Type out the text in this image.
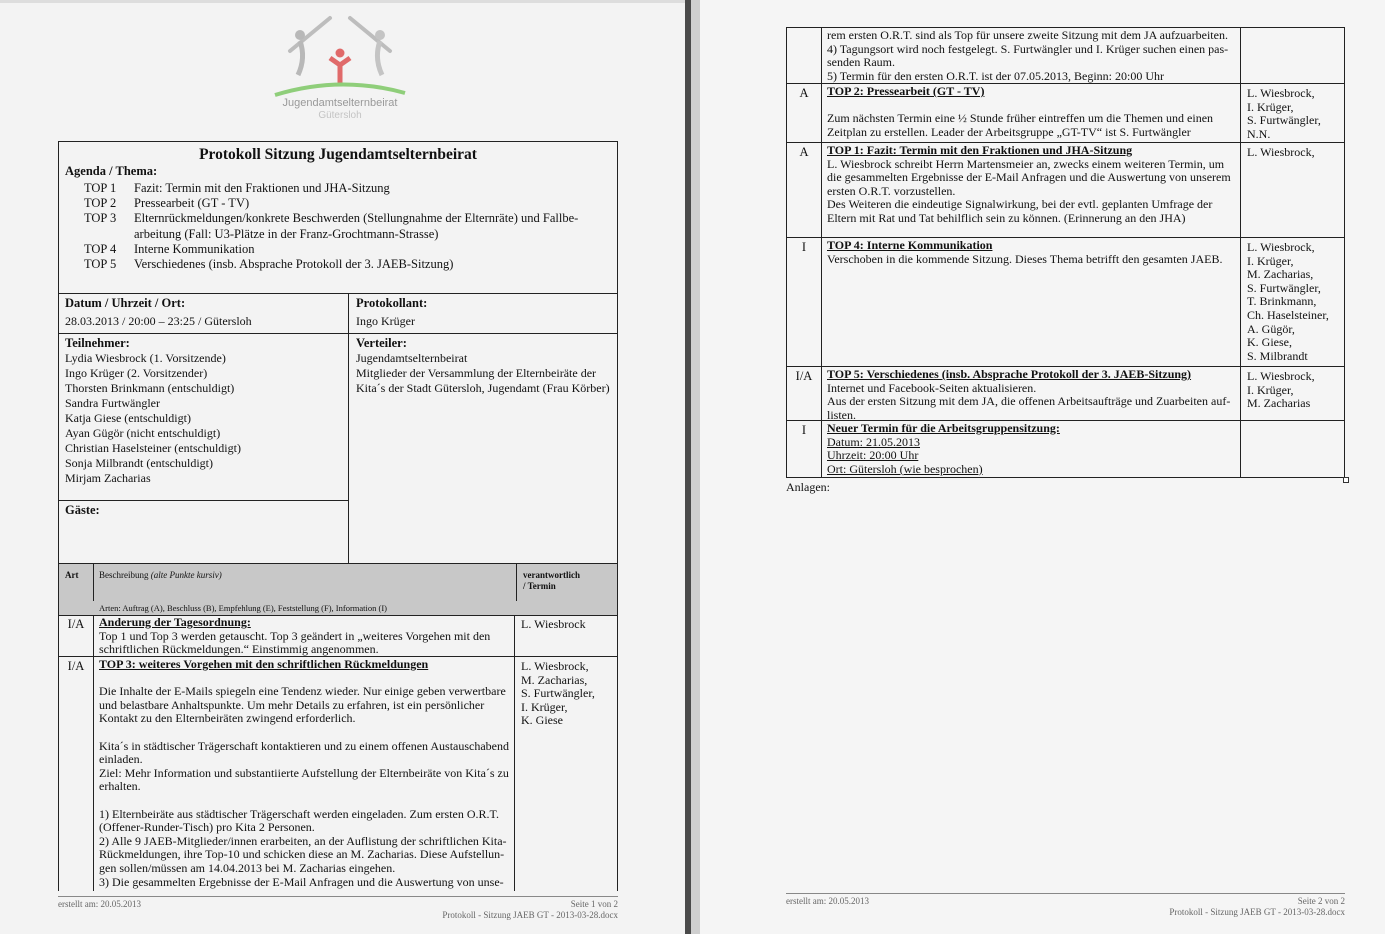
Jugendamtselternbeirat
Gütersloh
Protokoll Sitzung Jugendamtselternbeirat
Agenda / Thema:
TOP 1	Fazit: Termin mit den Fraktionen und JHA-Sitzung
TOP 2	Pressearbeit (GT - TV)
TOP 3	Elternrückmeldungen/konkrete Beschwerden (Stellungnahme der Elternräte) und Fallbe-arbeitung (Fall: U3-Plätze in der Franz-Grochtmann-Strasse)
TOP 4	Interne Kommunikation
TOP 5	Verschiedenes (insb. Absprache Protokoll der 3. JAEB-Sitzung)
Datum / Uhrzeit / Ort:
28.03.2013 / 20:00 – 23:25 / Gütersloh
Protokollant:
Ingo Krüger
Teilnehmer:
Lydia Wiesbrock (1. Vorsitzende)
Ingo Krüger (2. Vorsitzender)
Thorsten Brinkmann (entschuldigt)
Sandra Furtwängler
Katja Giese (entschuldigt)
Ayan Gügör (nicht entschuldigt)
Christian Haselsteiner (entschuldigt)
Sonja Milbrandt (entschuldigt)
Mirjam Zacharias
Verteiler:
Jugendamtselternbeirat
Mitglieder der Versammlung der Elternbeiräte der
Kita´s der Stadt Gütersloh, Jugendamt (Frau Körber)
Gäste:
Art	Beschreibung (alte Punkte kursiv)	verantwortlich
/ Termin
Arten: Auftrag (A), Beschluss (B), Empfehlung (E), Feststellung (F), Information (I)
I/A	Anderung der Tagesordnung:
Top 1 und Top 3 werden getauscht. Top 3 geändert in „weiteres Vorgehen mit den
schriftlichen Rückmeldungen.“ Einstimmig angenommen.
L. Wiesbrock
I/A	TOP 3: weiteres Vorgehen mit den schriftlichen Rückmeldungen
Die Inhalte der E-Mails spiegeln eine Tendenz wieder. Nur einige geben verwertbare
und belastbare Anhaltspunkte. Um mehr Details zu erfahren, ist ein persönlicher
Kontakt zu den Elternbeiräten zwingend erforderlich.
Kita´s in städtischer Trägerschaft kontaktieren und zu einem offenen Austauschabend
einladen.
Ziel: Mehr Information und substantiierte Aufstellung der Elternbeiräte von Kita´s zu
erhalten.
1) Elternbeiräte aus städtischer Trägerschaft werden eingeladen. Zum ersten O.R.T.
(Offener-Runder-Tisch) pro Kita 2 Personen.
2) Alle 9 JAEB-Mitglieder/innen erarbeiten, an der Auflistung der schriftlichen Kita-
Rückmeldungen, ihre Top-10 und schicken diese an M. Zacharias. Diese Aufstellun-
gen sollen/müssen am 14.04.2013 bei M. Zacharias eingehen.
3) Die gesammelten Ergebnisse der E-Mail Anfragen und die Auswertung von unse-
L. Wiesbrock,
M. Zacharias,
S. Furtwängler,
I. Krüger,
K. Giese
erstellt am: 20.05.2013	Seite 1 von 2
Protokoll - Sitzung JAEB GT - 2013-03-28.docx
rem ersten O.R.T. sind als Top für unsere zweite Sitzung mit dem JA aufzuarbeiten.
4) Tagungsort wird noch festgelegt. S. Furtwängler und I. Krüger suchen einen pas-
senden Raum.
5) Termin für den ersten O.R.T. ist der 07.05.2013, Beginn: 20:00 Uhr
A	TOP 2: Pressearbeit (GT - TV)
Zum nächsten Termin eine ½ Stunde früher eintreffen um die Themen und einen
Zeitplan zu erstellen. Leader der Arbeitsgruppe „GT-TV“ ist S. Furtwängler
L. Wiesbrock,
I. Krüger,
S. Furtwängler,
N.N.
A	TOP 1: Fazit: Termin mit den Fraktionen und JHA-Sitzung
L. Wiesbrock schreibt Herrn Martensmeier an, zwecks einem weiteren Termin, um
die gesammelten Ergebnisse der E-Mail Anfragen und die Auswertung von unserem
ersten O.R.T. vorzustellen.
Des Weiteren die eindeutige Signalwirkung, bei der evtl. geplanten Umfrage der
Eltern mit Rat und Tat behilflich sein zu können. (Erinnerung an den JHA)
L. Wiesbrock,
I	TOP 4: Interne Kommunikation
Verschoben in die kommende Sitzung. Dieses Thema betrifft den gesamten JAEB.
L. Wiesbrock,
I. Krüger,
M. Zacharias,
S. Furtwängler,
T. Brinkmann,
Ch. Haselsteiner,
A. Gügör,
K. Giese,
S. Milbrandt
I/A	TOP 5: Verschiedenes (insb. Absprache Protokoll der 3. JAEB-Sitzung)
Internet und Facebook-Seiten aktualisieren.
Aus der ersten Sitzung mit dem JA, die offenen Arbeitsaufträge und Zuarbeiten auf-
listen.
L. Wiesbrock,
I. Krüger,
M. Zacharias
I	Neuer Termin für die Arbeitsgruppensitzung:
Datum: 21.05.2013
Uhrzeit: 20:00 Uhr
Ort: Gütersloh (wie besprochen)
Anlagen:
erstellt am: 20.05.2013	Seite 2 von 2
Protokoll - Sitzung JAEB GT - 2013-03-28.docx
